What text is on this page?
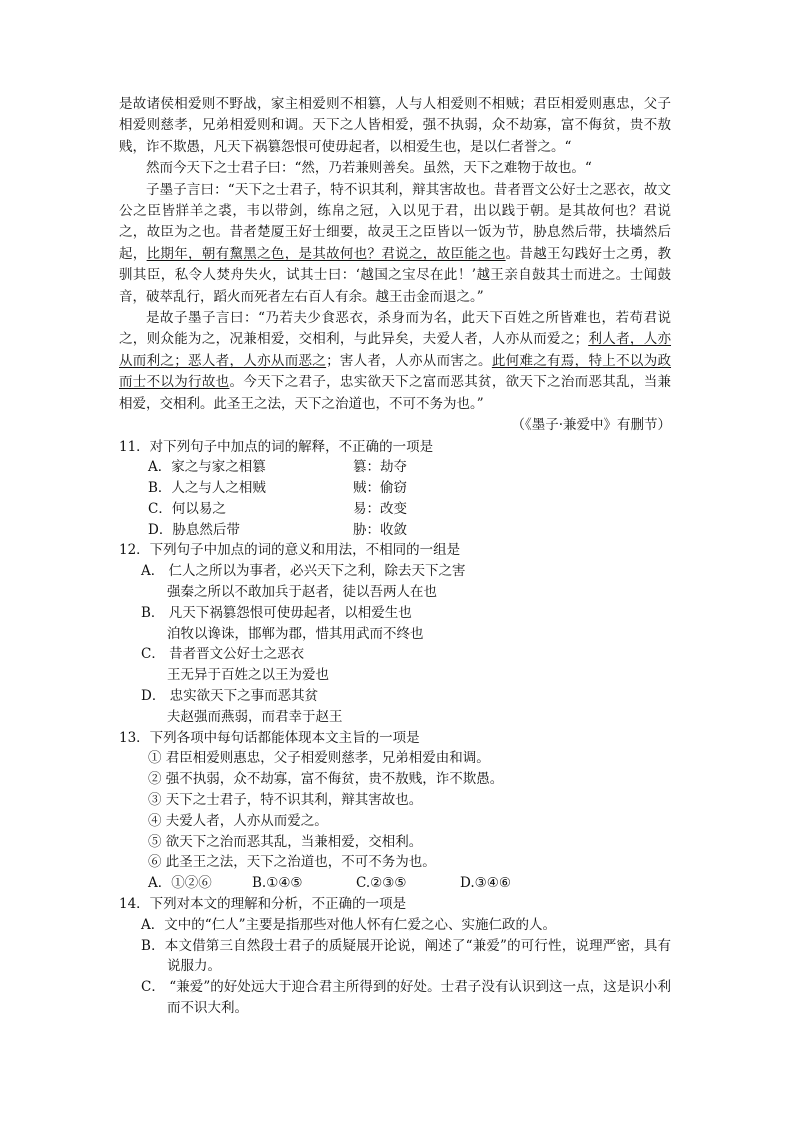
是故诸侯相爱则不野战，家主相爱则不相篡，人与人相爱则不相贼；君臣相爱则惠忠，父子相爱则慈孝，兄弟相爱则和调。天下之人皆相爱，强不执弱，众不劫寡，富不侮贫，贵不敖贱，诈不欺愚，凡天下祸篡怨恨可使毋起者，以相爱生也，是以仁者誉之。“

然而今天下之士君子曰：“然，乃若兼则善矣。虽然，天下之难物于故也。“

子墨子言曰：“天下之士君子，特不识其利，辩其害故也。昔者晋文公好士之恶衣，故文公之臣皆牂羊之裘，韦以带剑，练帛之冠，入以见于君，出以践于朝。是其故何也？君说之，故臣为之也。昔者楚厦王好士细要，故灵王之臣皆以一饭为节，胁息然后带，扶墙然后起，比期年，朝有黧黑之色，是其故何也？君说之，故臣能之也。昔越王勾践好士之勇，教驯其臣，私令人焚舟失火，试其士曰：‘越国之宝尽在此！’越王亲自鼓其士而进之。士闻鼓音，破萃乱行，蹈火而死者左右百人有余。越王击金而退之。”

是故子墨子言曰：“乃若夫少食恶衣，杀身而为名，此天下百姓之所皆难也，若苟君说之，则众能为之，况兼相爱，交相利，与此异矣，夫爱人者，人亦从而爱之；利人者，人亦从而利之；恶人者，人亦从而恶之；害人者，人亦从而害之。此何难之有焉，特上不以为政而士不以为行故也。今天下之君子，忠实欲天下之富而恶其贫，欲天下之治而恶其乱，当兼相爱，交相利。此圣王之法，天下之治道也，不可不务为也。”

（《墨子·兼爱中》有删节）

11．对下列句子中加点的词的解释，不正确的一项是

A．家之与家之相篡	篡：劫夺
B．人之与人之相贼	贼：偷窃
C．何以易之	易：改变
D．胁息然后带	胁：收敛

12．下列句子中加点的词的意义和用法，不相同的一组是

A． 仁人之所以为事者，必兴天下之利，除去天下之害

强秦之所以不敢加兵于赵者，徒以吾两人在也

B． 凡天下祸篡怨恨可使毋起者，以相爱生也

洎牧以谗诛，邯郸为郡，惜其用武而不终也

C． 昔者晋文公好士之恶衣

王无异于百姓之以王为爱也

D． 忠实欲天下之事而恶其贫

夫赵强而燕弱，而君幸于赵王

13．下列各项中每句话都能体现本文主旨的一项是

① 君臣相爱则惠忠，父子相爱则慈孝，兄弟相爱由和调。

② 强不执弱，众不劫寡，富不侮贫，贵不敖贱，诈不欺愚。

③ 天下之士君子，特不识其利，辩其害故也。

④ 夫爱人者，人亦从而爱之。

⑤ 欲天下之治而恶其乱，当兼相爱，交相利。

⑥ 此圣王之法，天下之治道也，不可不务为也。

A．①②⑥	B.①④⑤	C.②③⑤	D.③④⑥

14．下列对本文的理解和分析，不正确的一项是

A．文中的“仁人”主要是指那些对他人怀有仁爱之心、实施仁政的人。

B．本文借第三自然段士君子的质疑展开论说，阐述了“兼爱”的可行性，说理严密，具有说服力。

C． “兼爱”的好处远大于迎合君主所得到的好处。士君子没有认识到这一点，这是识小利而不识大利。
